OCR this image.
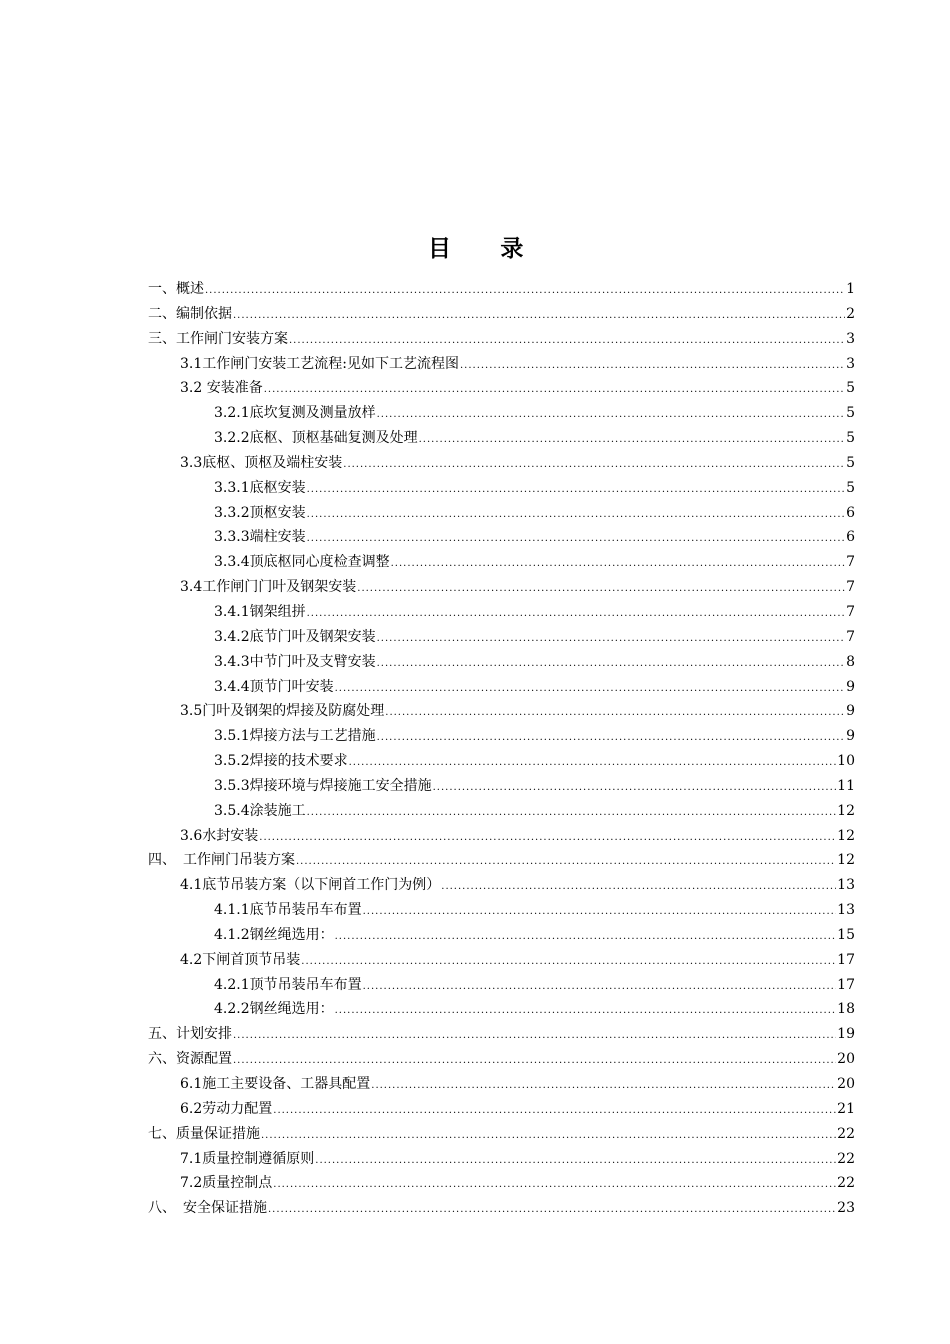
目 录
一、概述 .....	1
二、编制依据 .....	2
三、工作闸门安装方案 .....	3
3.1工作闸门安装工艺流程:见如下工艺流程图 .....	3
3.2 安装准备 .....	5
3.2.1底坎复测及测量放样 .....	5
3.2.2底枢、顶枢基础复测及处理 .....	5
3.3底枢、顶枢及端柱安装 .....	5
3.3.1底枢安装 .....	5
3.3.2顶枢安装 .....	6
3.3.3端柱安装 .....	6
3.3.4顶底枢同心度检查调整 .....	7
3.4工作闸门门叶及钢架安装 .....	7
3.4.1钢架组拼 .....	7
3.4.2底节门叶及钢架安装 .....	7
3.4.3中节门叶及支臂安装 .....	8
3.4.4顶节门叶安装 .....	9
3.5门叶及钢架的焊接及防腐处理 .....	9
3.5.1焊接方法与工艺措施 .....	9
3.5.2焊接的技术要求 .....	10
3.5.3焊接环境与焊接施工安全措施 .....	11
3.5.4涂装施工 .....	12
3.6水封安装 .....	12
四、　工作闸门吊装方案 .....	12
4.1底节吊装方案（以下闸首工作门为例） .....	13
4.1.1底节吊装吊车布置 .....	13
4.1.2钢丝绳选用： .....	15
4.2下闸首顶节吊装 .....	17
4.2.1顶节吊装吊车布置 .....	17
4.2.2钢丝绳选用： .....	18
五、计划安排 .....	19
六、资源配置 .....	20
6.1施工主要设备、工器具配置 .....	20
6.2劳动力配置 .....	21
七、质量保证措施 .....	22
7.1质量控制遵循原则 .....	22
7.2质量控制点 .....	22
八、　安全保证措施 .....	23
